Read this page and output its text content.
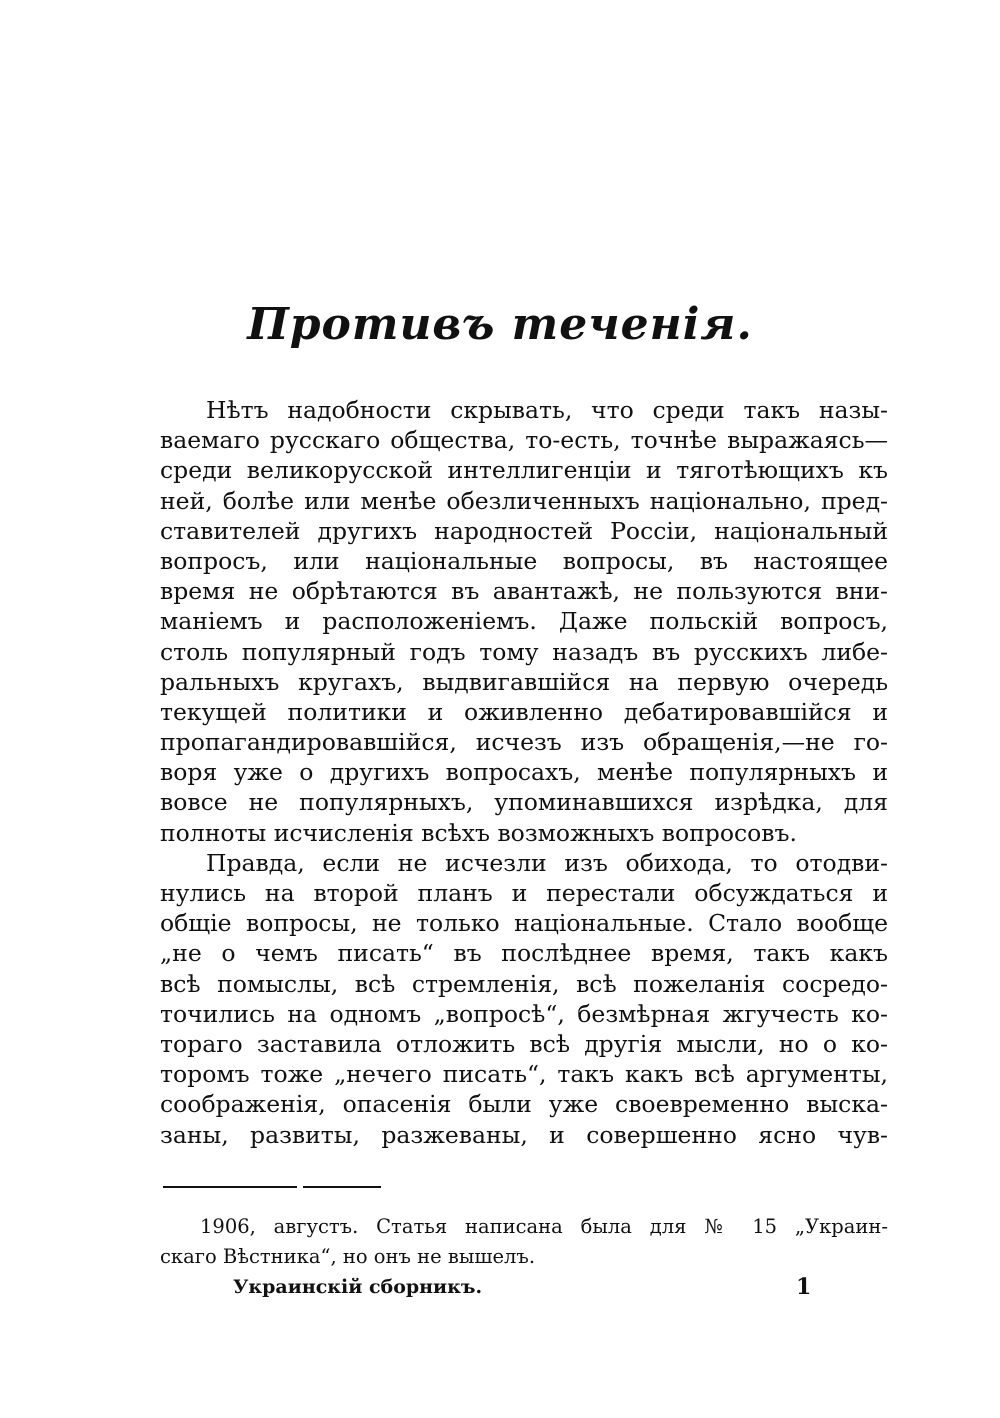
Противъ теченія.
Нѣтъ надобности скрывать, что среди такъ назы-
ваемаго русскаго общества, то-есть, точнѣе выражаясь—
среди великорусской интеллигенціи и тяготѣющихъ къ
ней, болѣе или менѣе обезличенныхъ національно, пред-
ставителей другихъ народностей Россіи, національный
вопросъ, или національные вопросы, въ настоящее
время не обрѣтаются въ авантажѣ, не пользуются вни-
маніемъ и расположеніемъ. Даже польскій вопросъ,
столь популярный годъ тому назадъ въ русскихъ либе-
ральныхъ кругахъ, выдвигавшійся на первую очередь
текущей политики и оживленно дебатировавшійся и
пропагандировавшійся, исчезъ изъ обращенія,—не го-
воря уже о другихъ вопросахъ, менѣе популярныхъ и
вовсе не популярныхъ, упоминавшихся изрѣдка, для
полноты исчисленія всѣхъ возможныхъ вопросовъ.
Правда, если не исчезли изъ обихода, то отодви-
нулись на второй планъ и перестали обсуждаться и
общіе вопросы, не только національные. Стало вообще
„не о чемъ писать“ въ послѣднее время, такъ какъ
всѣ помыслы, всѣ стремленія, всѣ пожеланія сосредо-
точились на одномъ „вопросѣ“, безмѣрная жгучесть ко-
тораго заставила отложить всѣ другія мысли, но о ко-
торомъ тоже „нечего писать“, такъ какъ всѣ аргументы,
соображенія, опасенія были уже своевременно выска-
заны, развиты, разжеваны, и совершенно ясно чув-
1906, августъ. Статья написана была для № 15 „Украин-
скаго Вѣстника“, но онъ не вышелъ.
Украинскій сборникъ.	1
